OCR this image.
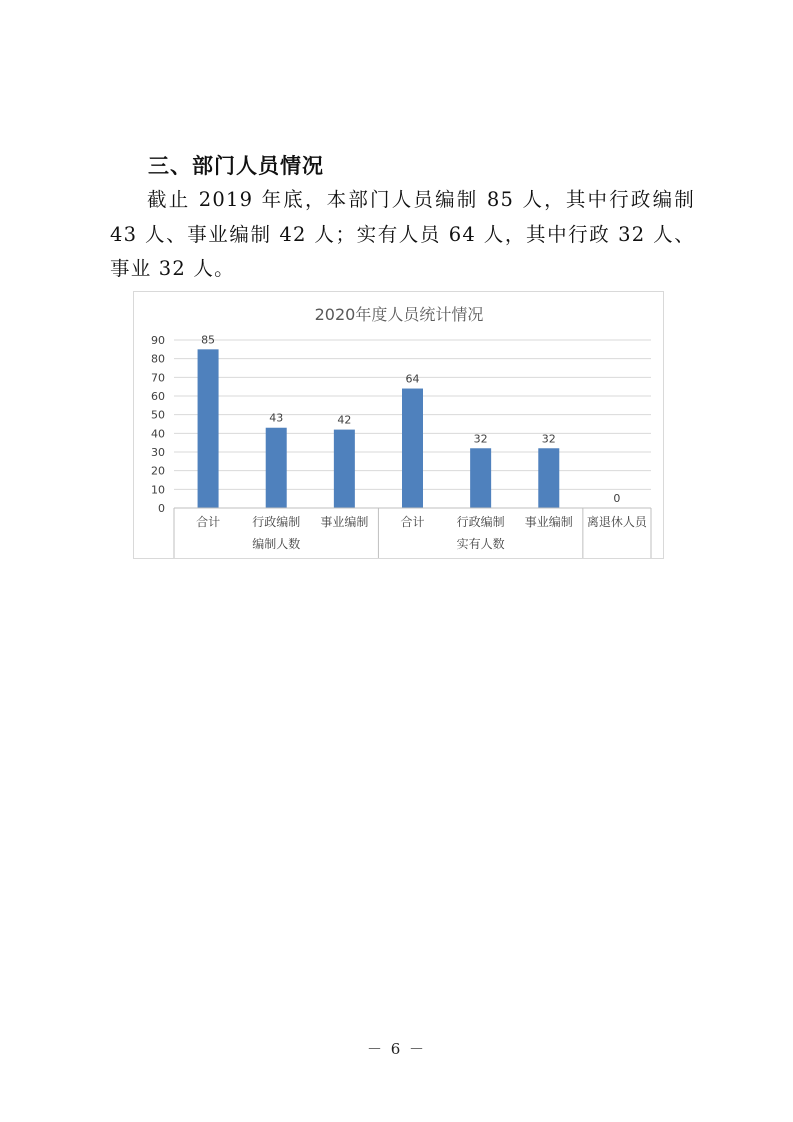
三、部门人员情况

截止 2019 年底，本部门人员编制 85 人，其中行政编制 43 人、事业编制 42 人；实有人员 64 人，其中行政 32 人、事业 32 人。

2020年度人员统计情况
0
10
20
30
40
50
60
70
80
90	85
43	42
64
32	32
0
合计	行政编制 事业编制	合计	行政编制 事业编制 离退休人员
编制人数	实有人数
－ 6 －
